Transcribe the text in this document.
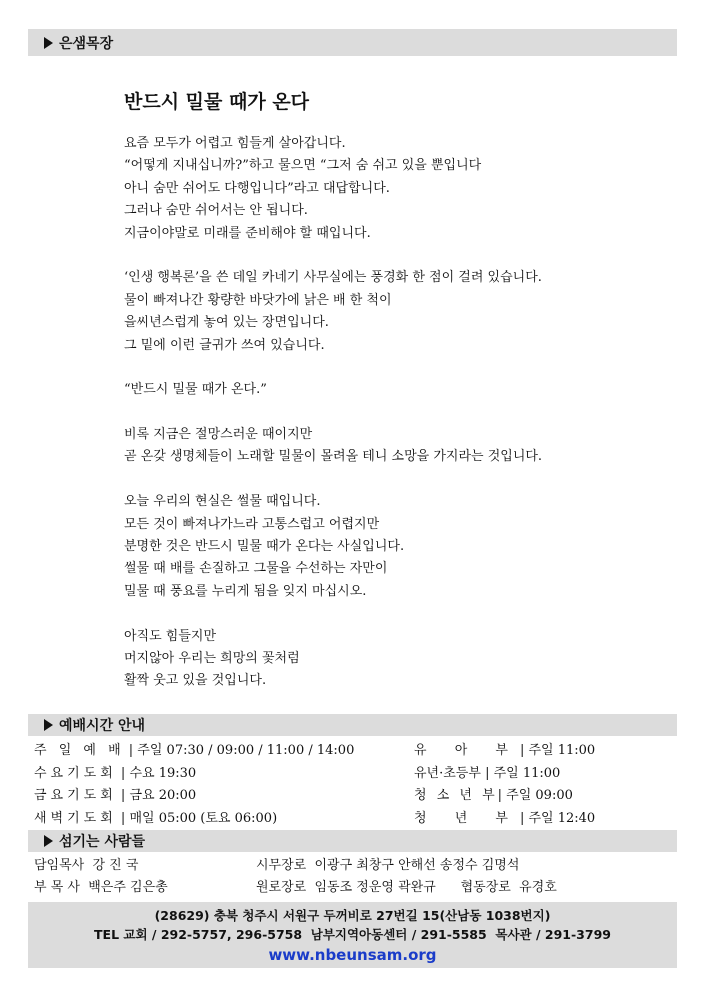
은샘목장
반드시 밀물 때가 온다
요즘 모두가 어렵고 힘들게 살아갑니다.
“어떻게 지내십니까?”하고 물으면 “그저 숨 쉬고 있을 뿐입니다
아니 숨만 쉬어도 다행입니다”라고 대답합니다.
그러나 숨만 쉬어서는 안 됩니다.
지금이야말로 미래를 준비해야 할 때입니다.
‘인생 행복론’을 쓴 데일 카네기 사무실에는 풍경화 한 점이 걸려 있습니다.
물이 빠져나간 황량한 바닷가에 낡은 배 한 척이
을씨년스럽게 놓여 있는 장면입니다.
그 밑에 이런 글귀가 쓰여 있습니다.
“반드시 밀물 때가 온다.”
비록 지금은 절망스러운 때이지만
곧 온갖 생명체들이 노래할 밀물이 몰려올 테니 소망을 가지라는 것입니다.
오늘 우리의 현실은 썰물 때입니다.
모든 것이 빠져나가느라 고통스럽고 어렵지만
분명한 것은 반드시 밀물 때가 온다는 사실입니다.
썰물 때 배를 손질하고 그물을 수선하는 자만이
밀물 때 풍요를 누리게 됨을 잊지 마십시오.
아직도 힘들지만
머지않아 우리는 희망의 꽃처럼
활짝 웃고 있을 것입니다.
예배시간 안내
주 일 예 배 | 주일 07:30 / 09:00 / 11:00 / 14:00	유 아 부| 주일 11:00
수요기도회 | 수요 19:30	유년·초등부 | 주일 11:00
금요기도회 | 금요 20:00	청 소 년 부| 주일 09:00
새벽기도회 | 매일 05:00 (토요 06:00)	청 년 부| 주일 12:40
섬기는 사람들
담임목사  강 진 국	시무장로  이광구 최창구 안해선 송정수 김명석
부 목 사  백은주 김은총	원로장로  임동조 정운영 곽완규      협동장로  유경호
(28629) 충북 청주시 서원구 두꺼비로 27번길 15(산남동 1038번지)
TEL 교회 / 292-5757, 296-5758  남부지역아동센터 / 291-5585  목사관 / 291-3799
www.nbeunsam.org
